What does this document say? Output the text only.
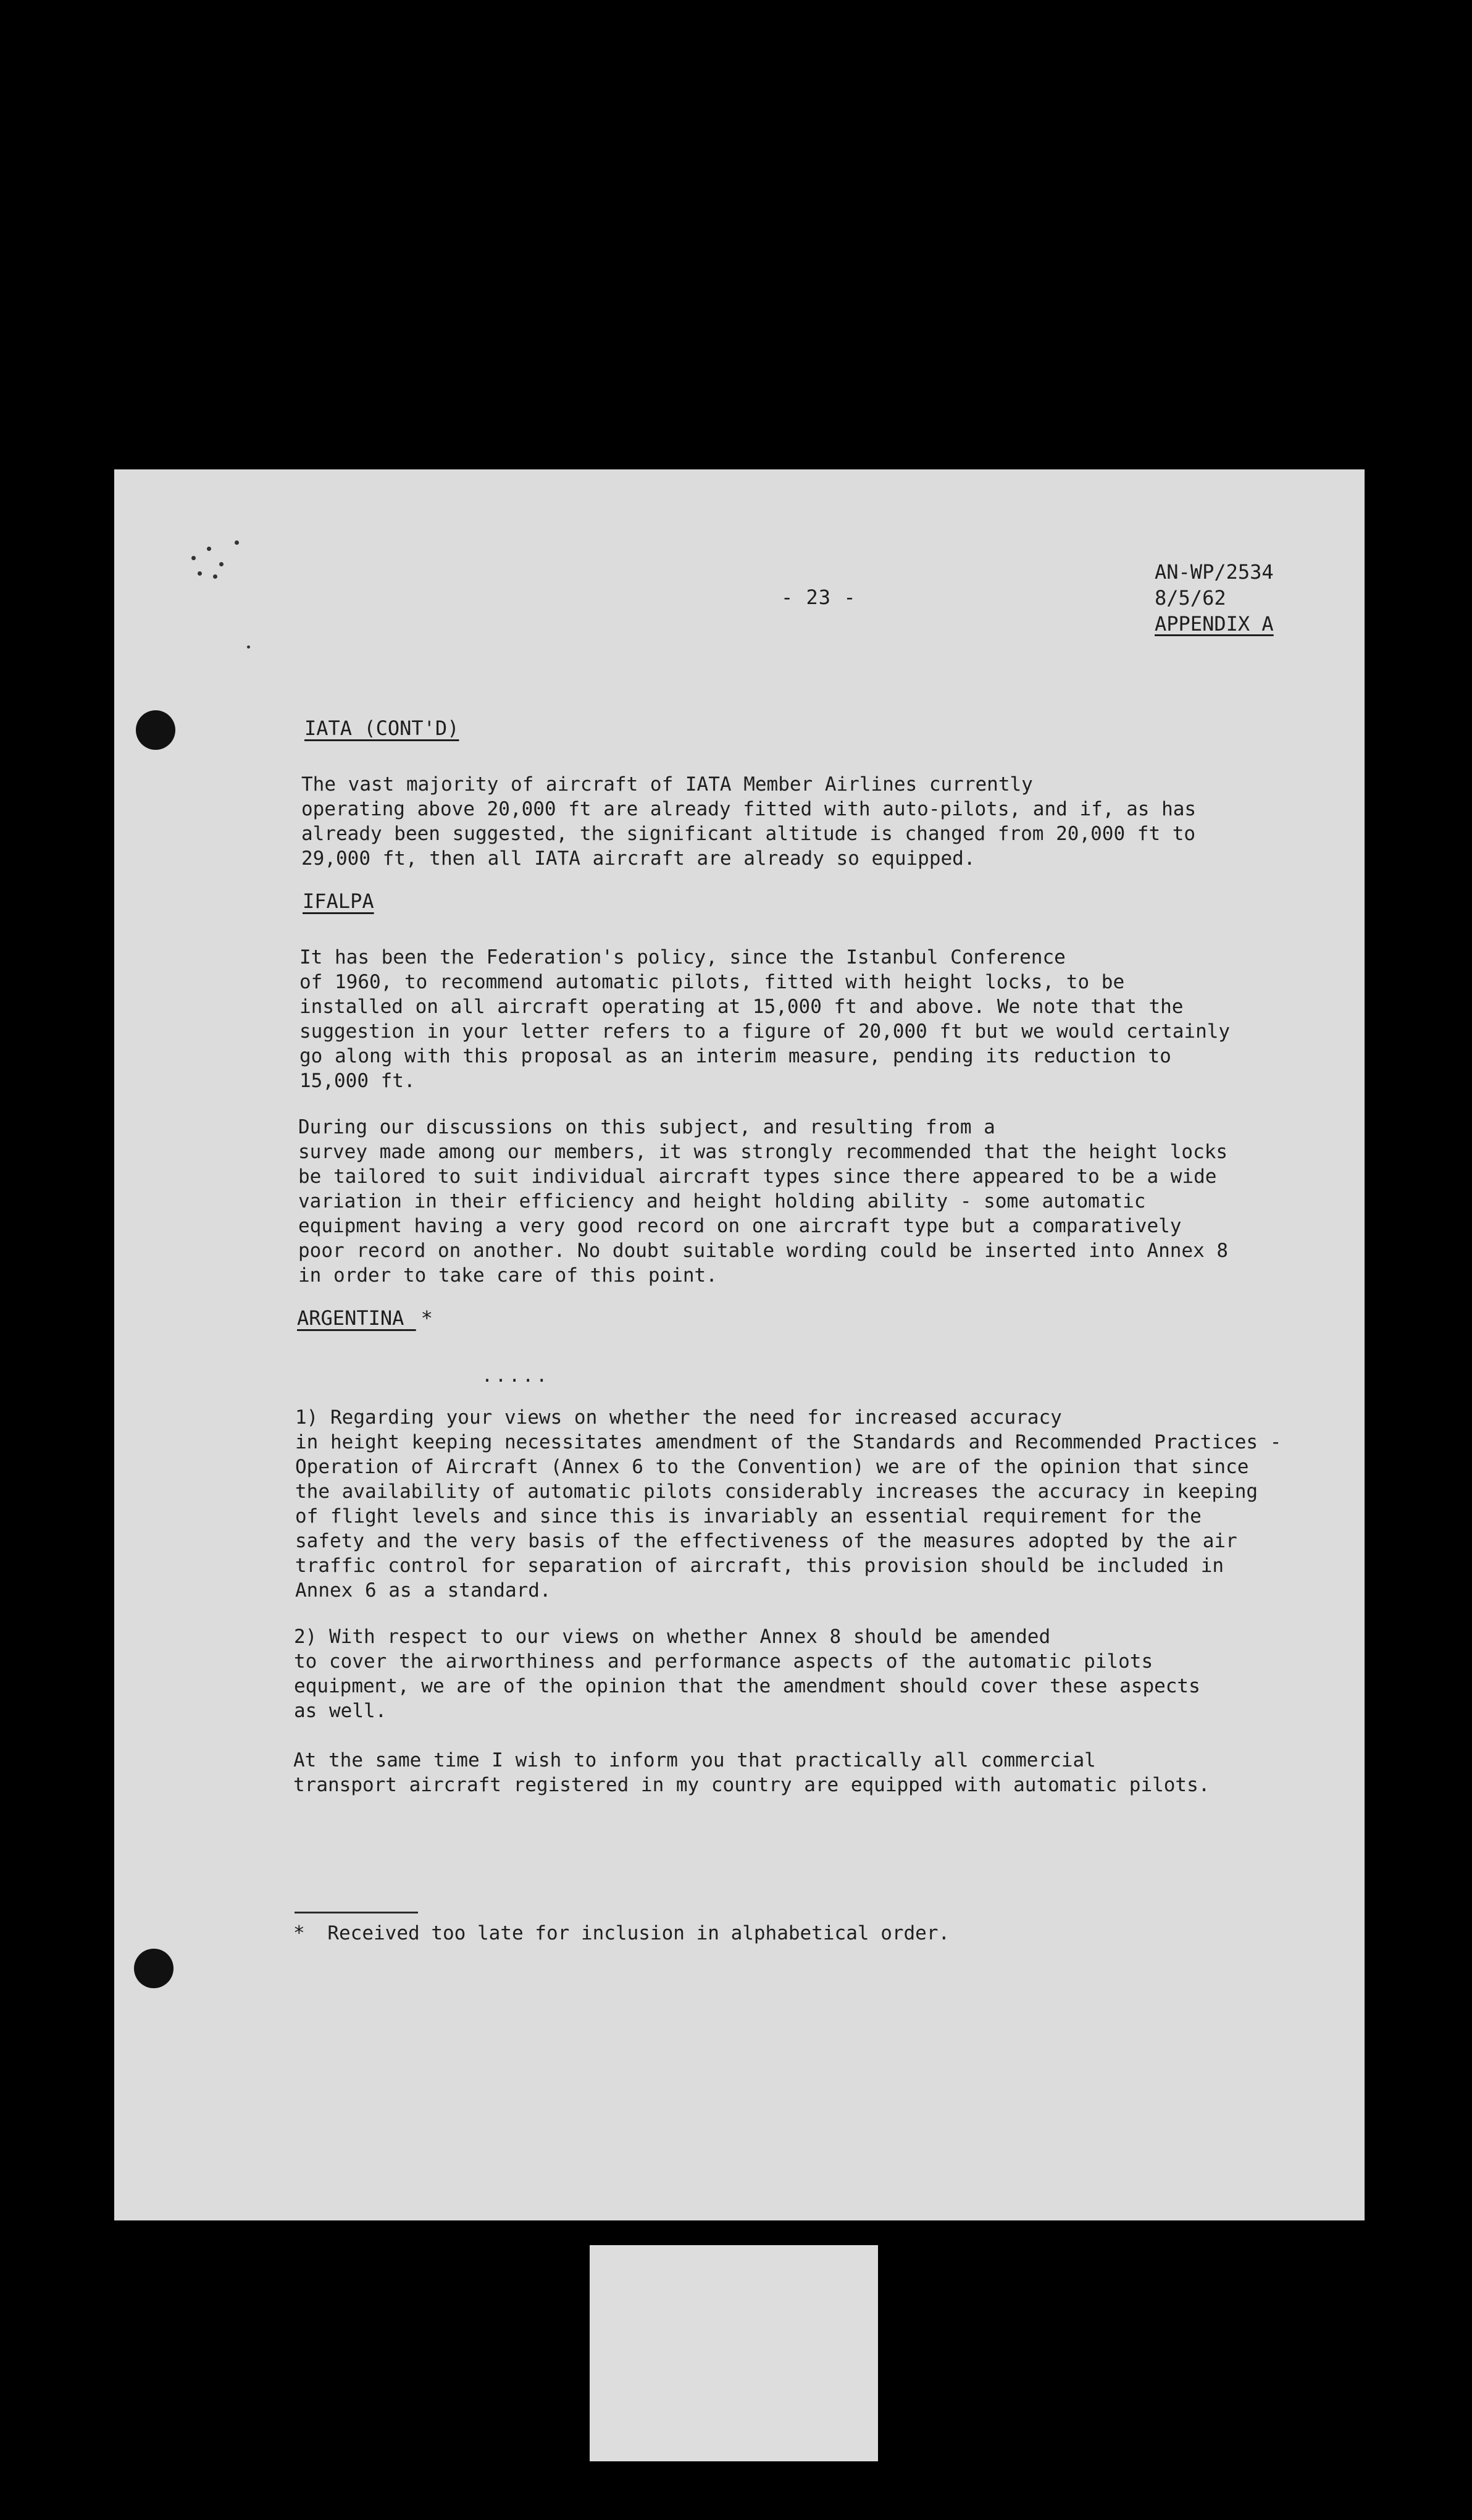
- 23 -
AN-WP/2534
8/5/62
APPENDIX A
IATA (CONT'D)
The vast majority of aircraft of IATA Member Airlines currently
operating above 20,000 ft are already fitted with auto-pilots, and if, as has
already been suggested, the significant altitude is changed from 20,000 ft to
29,000 ft, then all IATA aircraft are already so equipped.
IFALPA
It has been the Federation's policy, since the Istanbul Conference
of 1960, to recommend automatic pilots, fitted with height locks, to be
installed on all aircraft operating at 15,000 ft and above. We note that the
suggestion in your letter refers to a figure of 20,000 ft but we would certainly
go along with this proposal as an interim measure, pending its reduction to
15,000 ft.
During our discussions on this subject, and resulting from a
survey made among our members, it was strongly recommended that the height locks
be tailored to suit individual aircraft types since there appeared to be a wide
variation in their efficiency and height holding ability - some automatic
equipment having a very good record on one aircraft type but a comparatively
poor record on another. No doubt suitable wording could be inserted into Annex 8
in order to take care of this point.
ARGENTINA *
.....
1) Regarding your views on whether the need for increased accuracy
in height keeping necessitates amendment of the Standards and Recommended Practices -
Operation of Aircraft (Annex 6 to the Convention) we are of the opinion that since
the availability of automatic pilots considerably increases the accuracy in keeping
of flight levels and since this is invariably an essential requirement for the
safety and the very basis of the effectiveness of the measures adopted by the air
traffic control for separation of aircraft, this provision should be included in
Annex 6 as a standard.
2) With respect to our views on whether Annex 8 should be amended
to cover the airworthiness and performance aspects of the automatic pilots
equipment, we are of the opinion that the amendment should cover these aspects
as well.
At the same time I wish to inform you that practically all commercial
transport aircraft registered in my country are equipped with automatic pilots.
* Received too late for inclusion in alphabetical order.
